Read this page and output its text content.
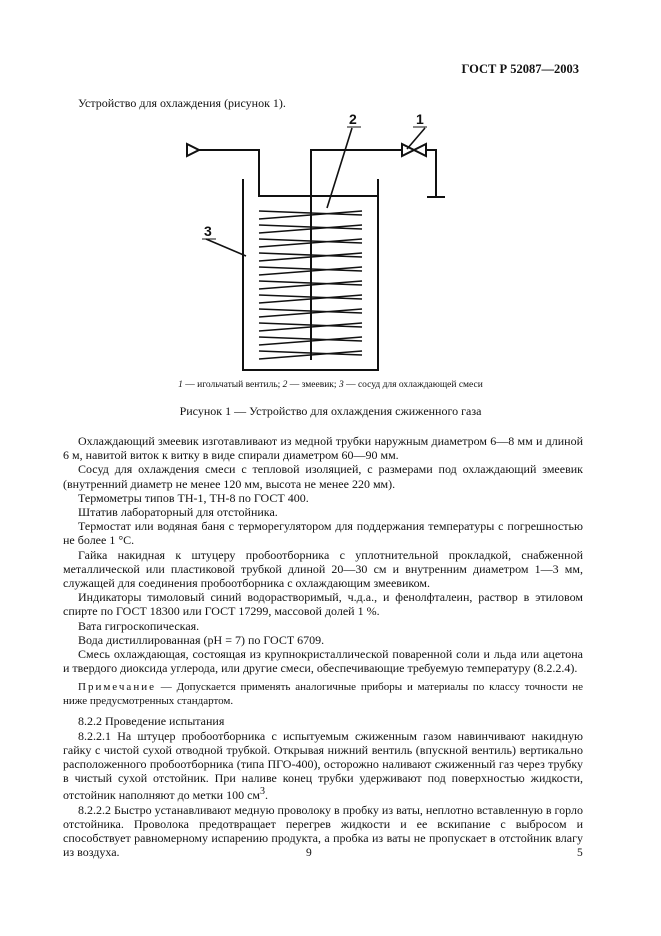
ГОСТ Р 52087—2003
Устройство для охлаждения (рисунок 1).
2	1
3
1 — игольчатый вентиль; 2 — змеевик; 3 — сосуд для охлаждающей смеси
Рисунок 1 — Устройство для охлаждения сжиженного газа

Охлаждающий змеевик изготавливают из медной трубки наружным диаметром 6—8 мм и длиной 6 м, навитой виток к витку в виде спирали диаметром 60—90 мм.

Сосуд для охлаждения смеси с тепловой изоляцией, с размерами под охлаждающий змеевик (внутренний диаметр не менее 120 мм, высота не менее 220 мм).

Термометры типов ТН-1, ТН-8 по ГОСТ 400.

Штатив лабораторный для отстойника.

Термостат или водяная баня с терморегулятором для поддержания температуры с погрешностью не более 1 °С.

Гайка накидная к штуцеру пробоотборника с уплотнительной прокладкой, снабженной металлической или пластиковой трубкой длиной 20—30 см и внутренним диаметром 1—3 мм, служащей для соединения пробоотборника с охлаждающим змеевиком.

Индикаторы тимоловый синий водорастворимый, ч.д.а., и фенолфталеин, раствор в этиловом спирте по ГОСТ 18300 или ГОСТ 17299, массовой долей 1 %.

Вата гигроскопическая.

Вода дистиллированная (рН = 7) по ГОСТ 6709.

Смесь охлаждающая, состоящая из крупнокристаллической поваренной соли и льда или ацетона и твердого диоксида углерода, или другие смеси, обеспечивающие требуемую температуру (8.2.2.4).

Примечание — Допускается применять аналогичные приборы и материалы по классу точности не ниже предусмотренных стандартом.

8.2.2 Проведение испытания

8.2.2.1 На штуцер пробоотборника с испытуемым сжиженным газом навинчивают накидную гайку с чистой сухой отводной трубкой. Открывая нижний вентиль (впускной вентиль) вертикально расположенного пробоотборника (типа ПГО-400), осторожно наливают сжиженный газ через трубку в чистый сухой отстойник. При наливе конец трубки удерживают под поверхностью жидкости, отстойник наполняют до метки 100 $см^3$.

8.2.2.2 Быстро устанавливают медную проволоку в пробку из ваты, неплотно вставленную в горло отстойника. Проволока предотвращает перегрев жидкости и ее вскипание с выбросом и способствует равномерному испарению продукта, а пробка из ваты не пропускает в отстойник влагу из воздуха.	9	5
